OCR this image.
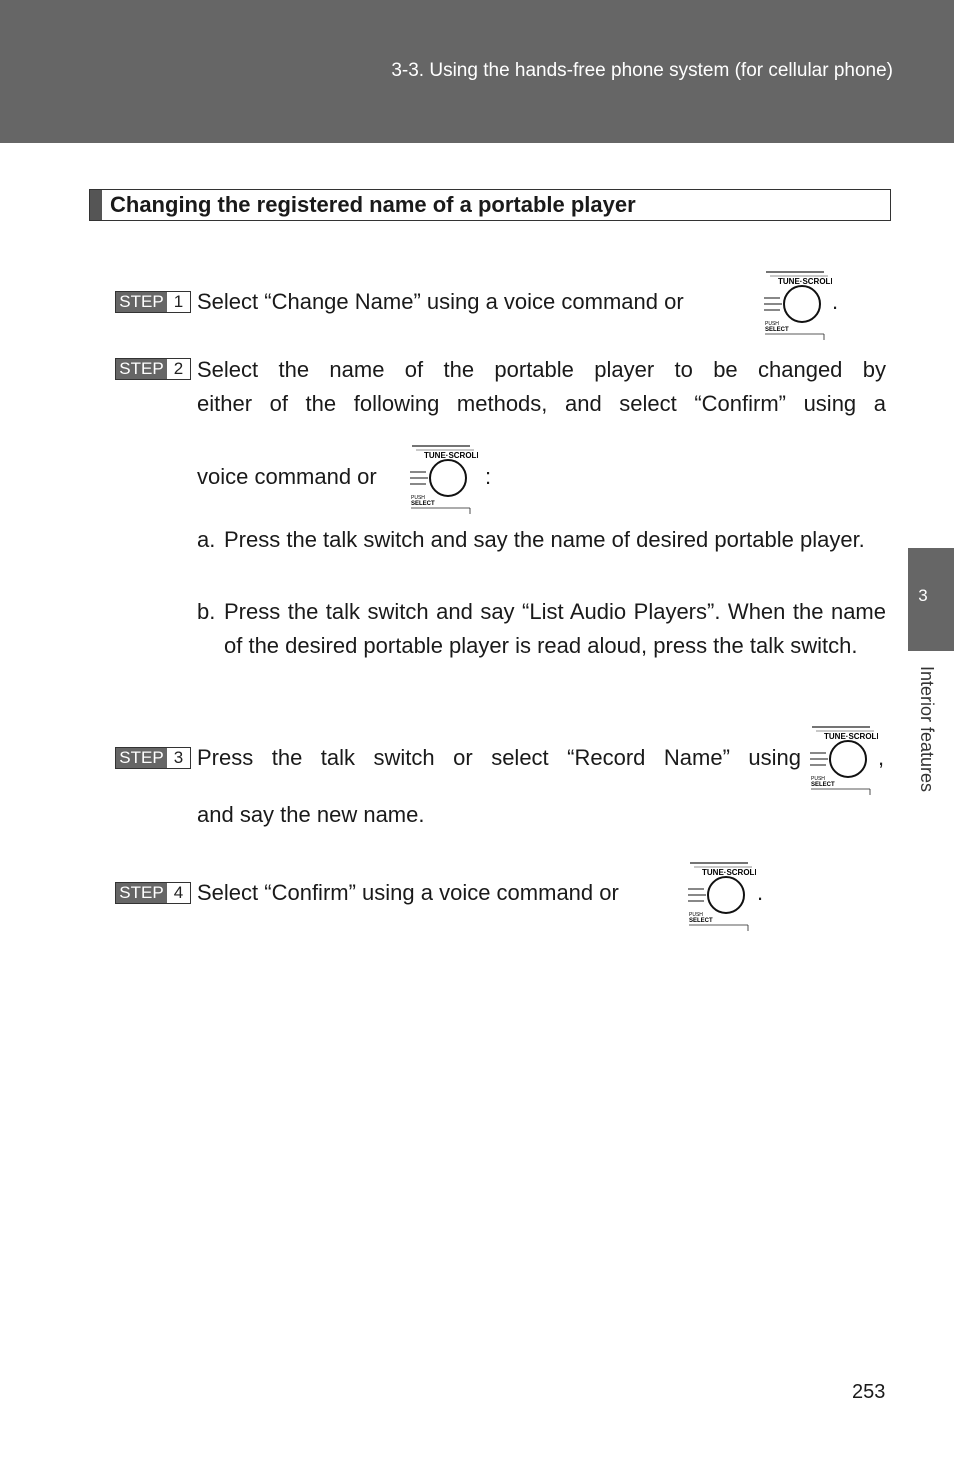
3-3. Using the hands-free phone system (for cellular phone)
Changing the registered name of a portable player
STEP 1 Select “Change Name” using a voice command or	.
STEP 2 Select the name of the portable player to be changed by
either of the following methods, and select “Confirm” using a
voice command or	:
a. Press the talk switch and say the name of desired portable player.
b. Press the talk switch and say “List Audio Players”. When the name of the desired portable player is read aloud, press the talk switch.
STEP 3 Press the talk switch or select “Record Name” using	,
and say the new name.
STEP 4 Select “Confirm” using a voice command or	.
3
Interior features
253
